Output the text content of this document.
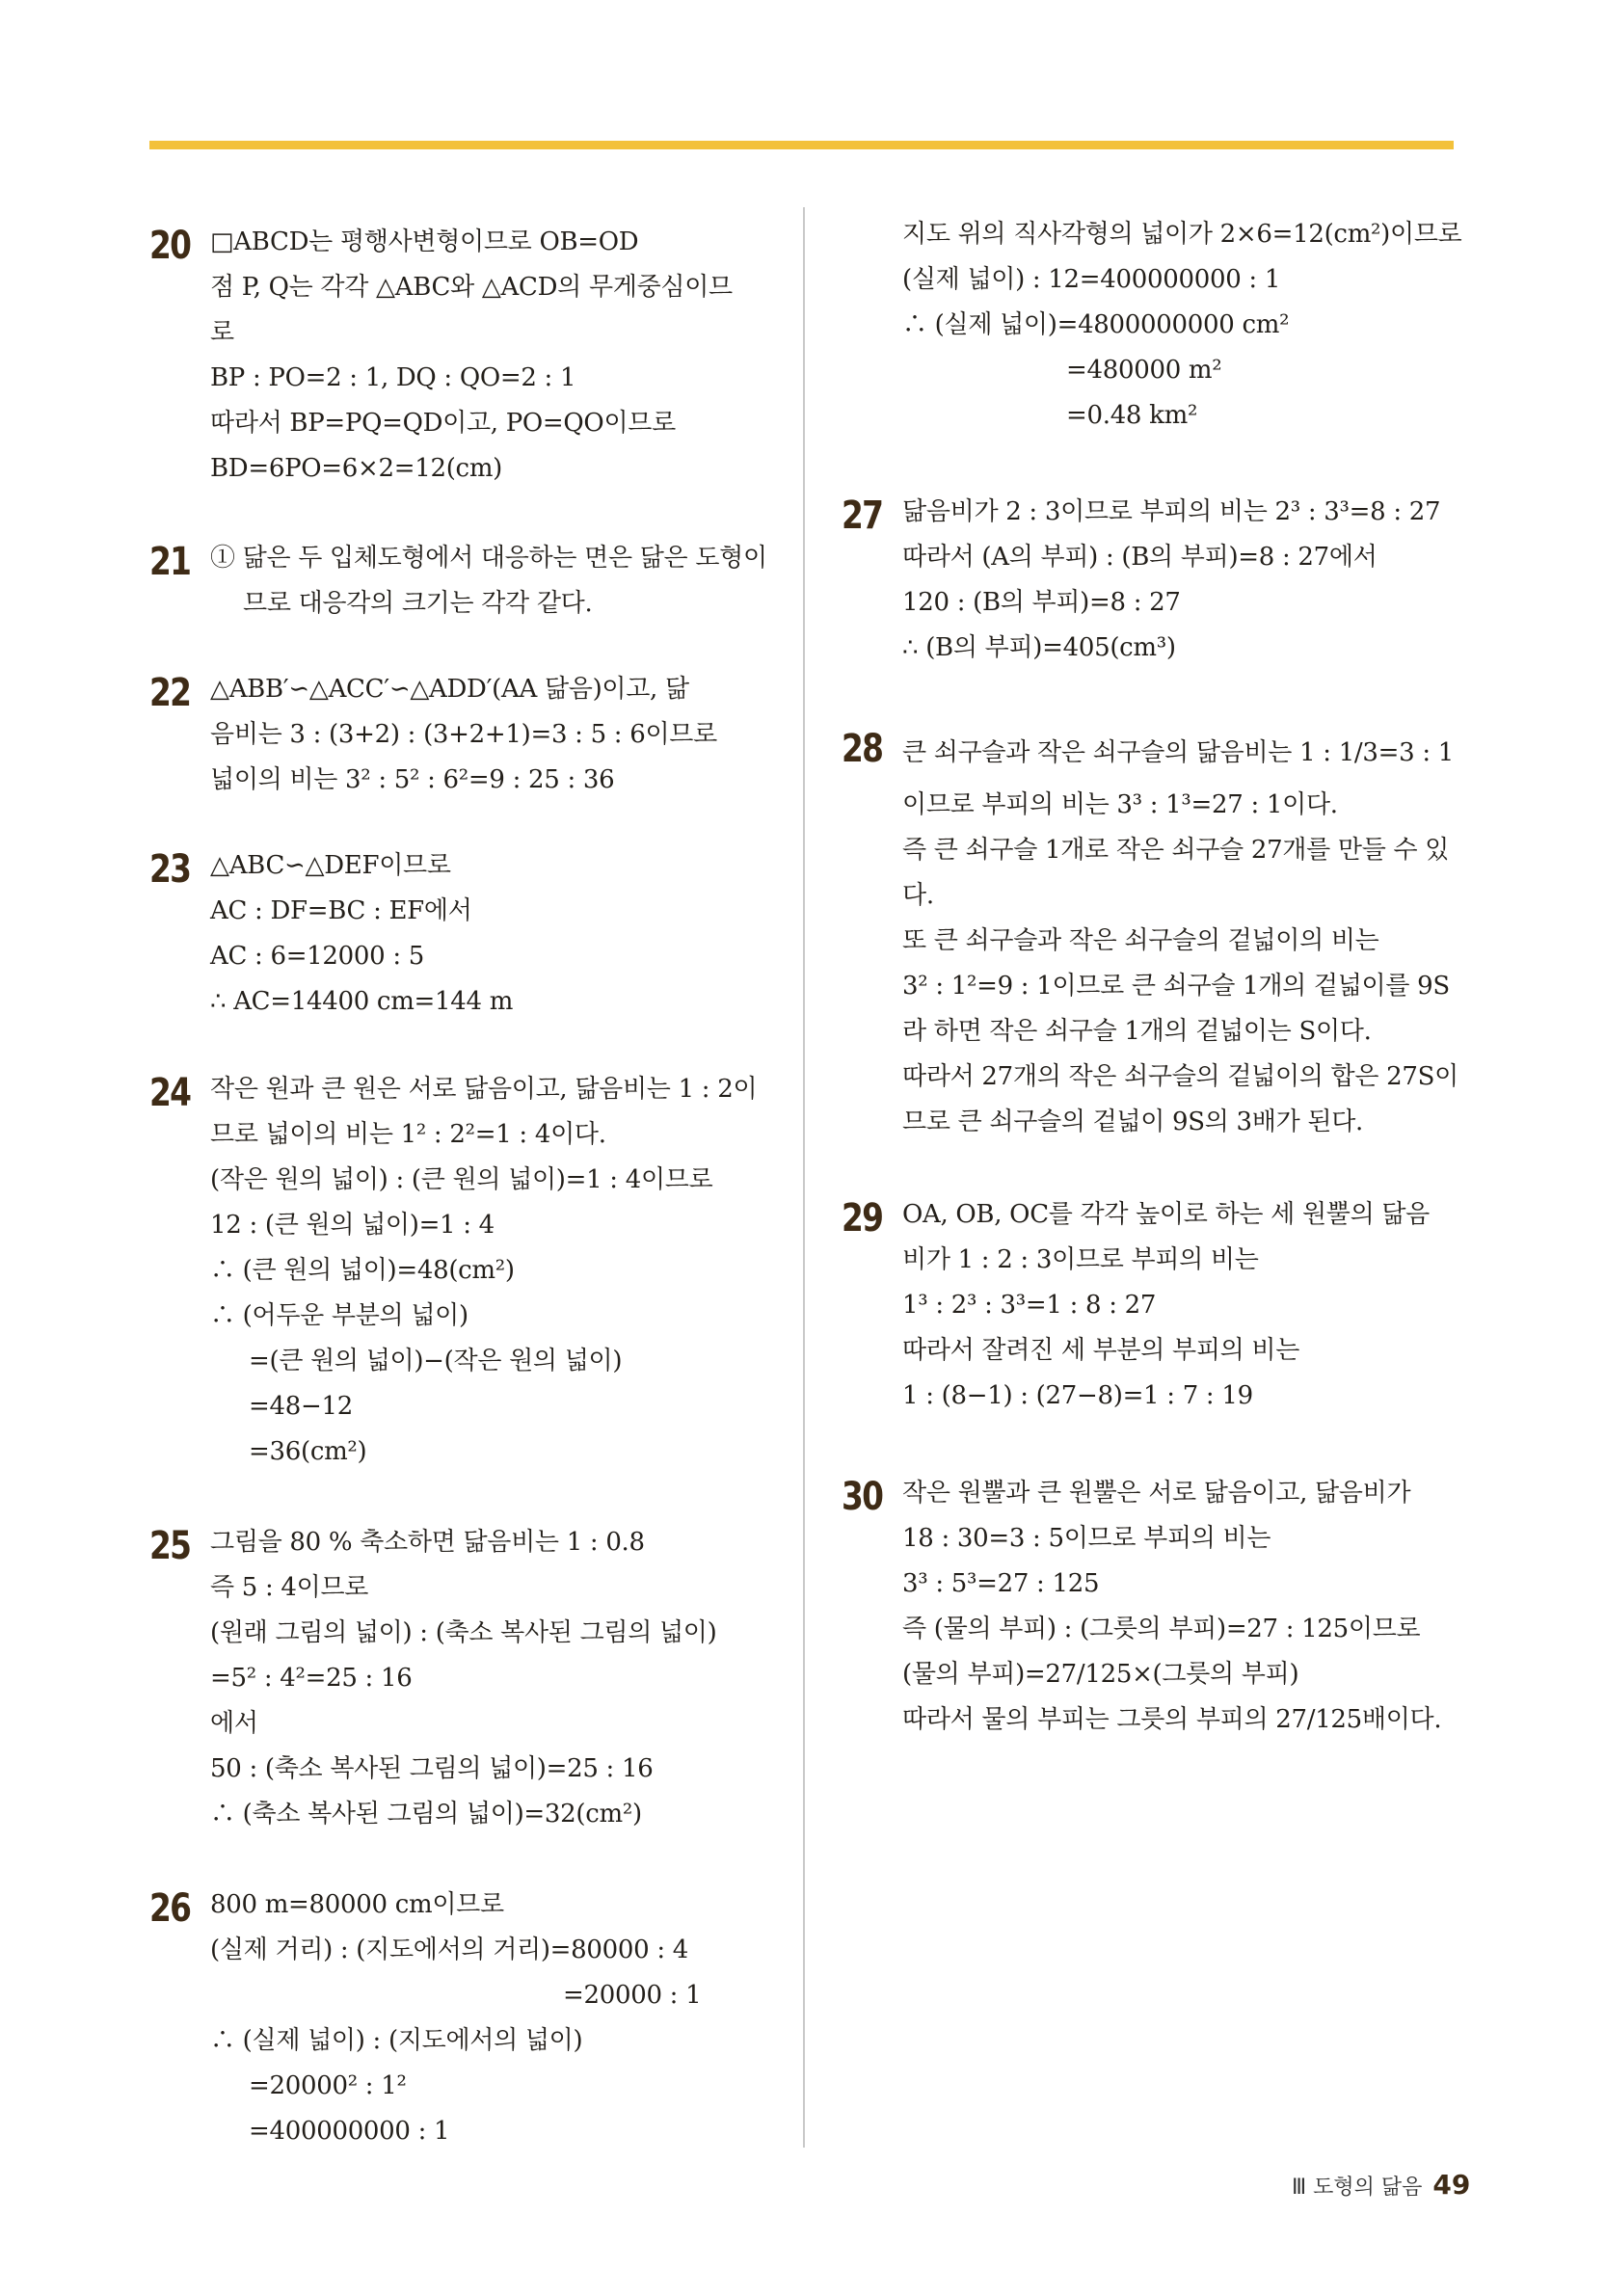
20 □ABCD는 평행사변형이므로 OB=OD
점 P, Q는 각각 △ABC와 △ACD의 무게중심이므
로
BP : PO=2 : 1, DQ : QO=2 : 1
따라서 BP=PQ=QD이고, PO=QO이므로
BD=6PO=6×2=12(cm)
21 ① 닮은 두 입체도형에서 대응하는 면은 닮은 도형이
므로 대응각의 크기는 각각 같다.
22 △ABB′∽△ACC′∽△ADD′(AA 닮음)이고, 닮
음비는 3 : (3+2) : (3+2+1)=3 : 5 : 6이므로
넓이의 비는 3² : 5² : 6²=9 : 25 : 36
23 △ABC∽△DEF이므로
AC : DF=BC : EF에서
AC : 6=12000 : 5
∴ AC=14400 cm=144 m
24 작은 원과 큰 원은 서로 닮음이고, 닮음비는 1 : 2이
므로 넓이의 비는 1² : 2²=1 : 4이다.
(작은 원의 넓이) : (큰 원의 넓이)=1 : 4이므로
12 : (큰 원의 넓이)=1 : 4
∴ (큰 원의 넓이)=48(cm²)
∴ (어두운 부분의 넓이)
=(큰 원의 넓이)−(작은 원의 넓이)
=48−12
=36(cm²)
25 그림을 80 % 축소하면 닮음비는 1 : 0.8
즉 5 : 4이므로
(원래 그림의 넓이) : (축소 복사된 그림의 넓이)
=5² : 4²=25 : 16
에서
50 : (축소 복사된 그림의 넓이)=25 : 16
∴ (축소 복사된 그림의 넓이)=32(cm²)
26 800 m=80000 cm이므로
(실제 거리) : (지도에서의 거리)=80000 : 4
=20000 : 1
∴ (실제 넓이) : (지도에서의 넓이)
=20000² : 1²
=400000000 : 1
지도 위의 직사각형의 넓이가 2×6=12(cm²)이므로
(실제 넓이) : 12=400000000 : 1
∴ (실제 넓이)=4800000000 cm²
=480000 m²
=0.48 km²
27 닮음비가 2 : 3이므로 부피의 비는 2³ : 3³=8 : 27
따라서 (A의 부피) : (B의 부피)=8 : 27에서
120 : (B의 부피)=8 : 27
∴ (B의 부피)=405(cm³)
28 큰 쇠구슬과 작은 쇠구슬의 닮음비는 1 : 1/3=3 : 1
이므로 부피의 비는 3³ : 1³=27 : 1이다.
즉 큰 쇠구슬 1개로 작은 쇠구슬 27개를 만들 수 있
다.
또 큰 쇠구슬과 작은 쇠구슬의 겉넓이의 비는
3² : 1²=9 : 1이므로 큰 쇠구슬 1개의 겉넓이를 9S
라 하면 작은 쇠구슬 1개의 겉넓이는 S이다.
따라서 27개의 작은 쇠구슬의 겉넓이의 합은 27S이
므로 큰 쇠구슬의 겉넓이 9S의 3배가 된다.
29 OA, OB, OC를 각각 높이로 하는 세 원뿔의 닮음
비가 1 : 2 : 3이므로 부피의 비는
1³ : 2³ : 3³=1 : 8 : 27
따라서 잘려진 세 부분의 부피의 비는
1 : (8−1) : (27−8)=1 : 7 : 19
30 작은 원뿔과 큰 원뿔은 서로 닮음이고, 닮음비가
18 : 30=3 : 5이므로 부피의 비는
3³ : 5³=27 : 125
즉 (물의 부피) : (그릇의 부피)=27 : 125이므로
(물의 부피)=27/125×(그릇의 부피)
따라서 물의 부피는 그릇의 부피의 27/125배이다.
Ⅲ 도형의 닮음 49
